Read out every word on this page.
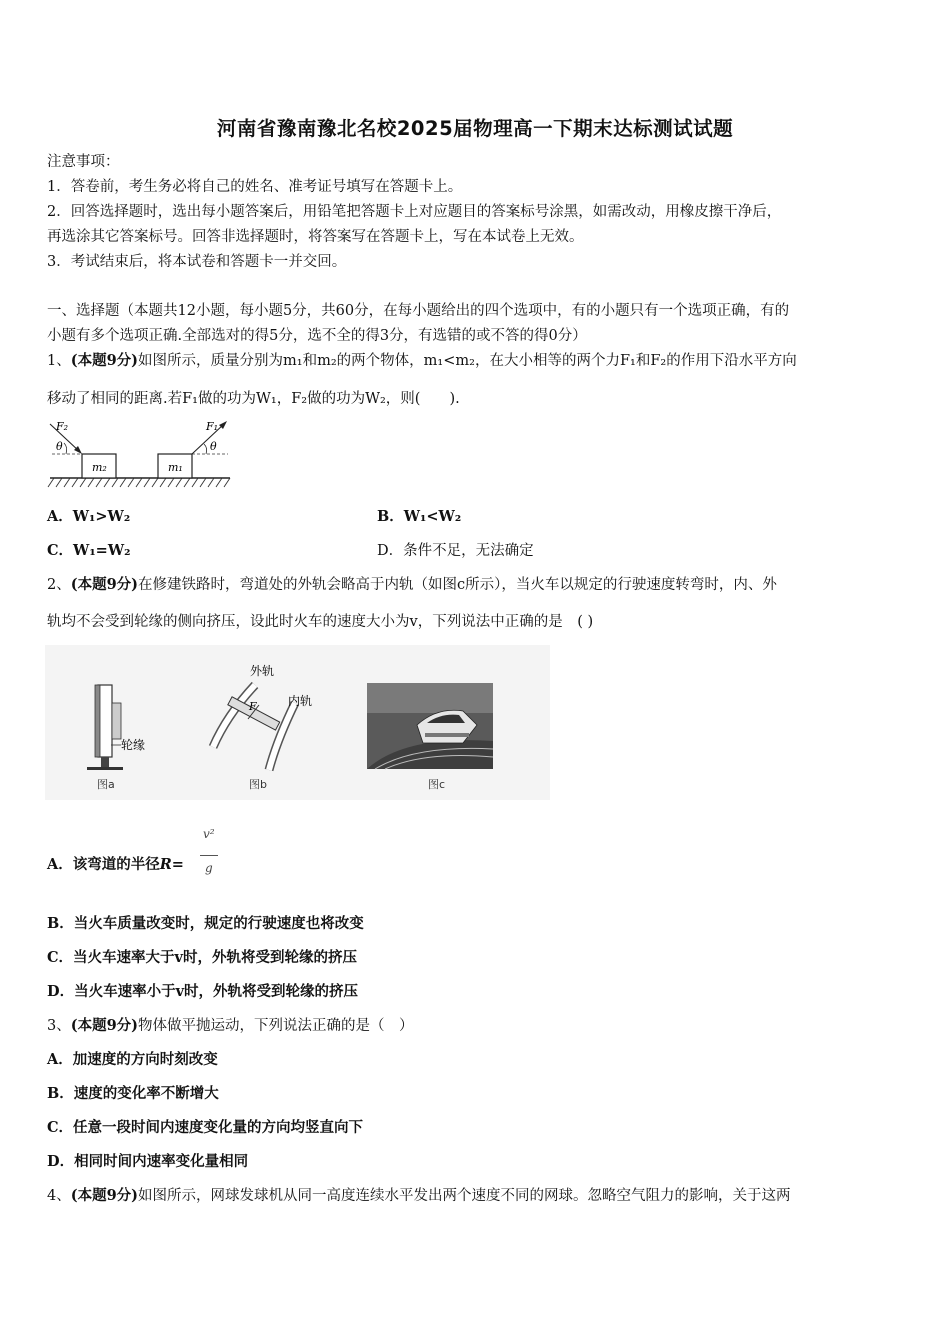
河南省豫南豫北名校2025届物理高一下期末达标测试试题
注意事项：
1．答卷前，考生务必将自己的姓名、准考证号填写在答题卡上。
2．回答选择题时，选出每小题答案后，用铅笔把答题卡上对应题目的答案标号涂黑，如需改动，用橡皮擦干净后，
再选涂其它答案标号。回答非选择题时，将答案写在答题卡上，写在本试卷上无效。
3．考试结束后，将本试卷和答题卡一并交回。
一、选择题（本题共12小题，每小题5分，共60分，在每小题给出的四个选项中，有的小题只有一个选项正确，有的
小题有多个选项正确.全部选对的得5分，选不全的得3分，有选错的或不答的得0分）
1、(本题9分)如图所示，质量分别为m₁和m₂的两个物体，m₁<m₂，在大小相等的两个力F₁和F₂的作用下沿水平方向
移动了相同的距离.若F₁做的功为W₁，F₂做的功为W₂，则(　　).
m₂	m₁
F₂
θ
F₁
θ
A．W₁>W₂	B．W₁<W₂
C．W₁=W₂	D．条件不足，无法确定
2、(本题9分)在修建铁路时，弯道处的外轨会略高于内轨（如图c所示），当火车以规定的行驶速度转弯时，内、外
轨均不会受到轮缘的侧向挤压，设此时火车的速度大小为v，下列说法中正确的是　( )
轮缘
图a
F
外轨
内轨
图b	图c
A．该弯道的半径R=
v²
g
B．当火车质量改变时，规定的行驶速度也将改变
C．当火车速率大于v时，外轨将受到轮缘的挤压
D．当火车速率小于v时，外轨将受到轮缘的挤压
3、(本题9分)物体做平抛运动，下列说法正确的是（　）
A．加速度的方向时刻改变
B．速度的变化率不断增大
C．任意一段时间内速度变化量的方向均竖直向下
D．相同时间内速率变化量相同
4、(本题9分)如图所示，网球发球机从同一高度连续水平发出两个速度不同的网球。忽略空气阻力的影响，关于这两
